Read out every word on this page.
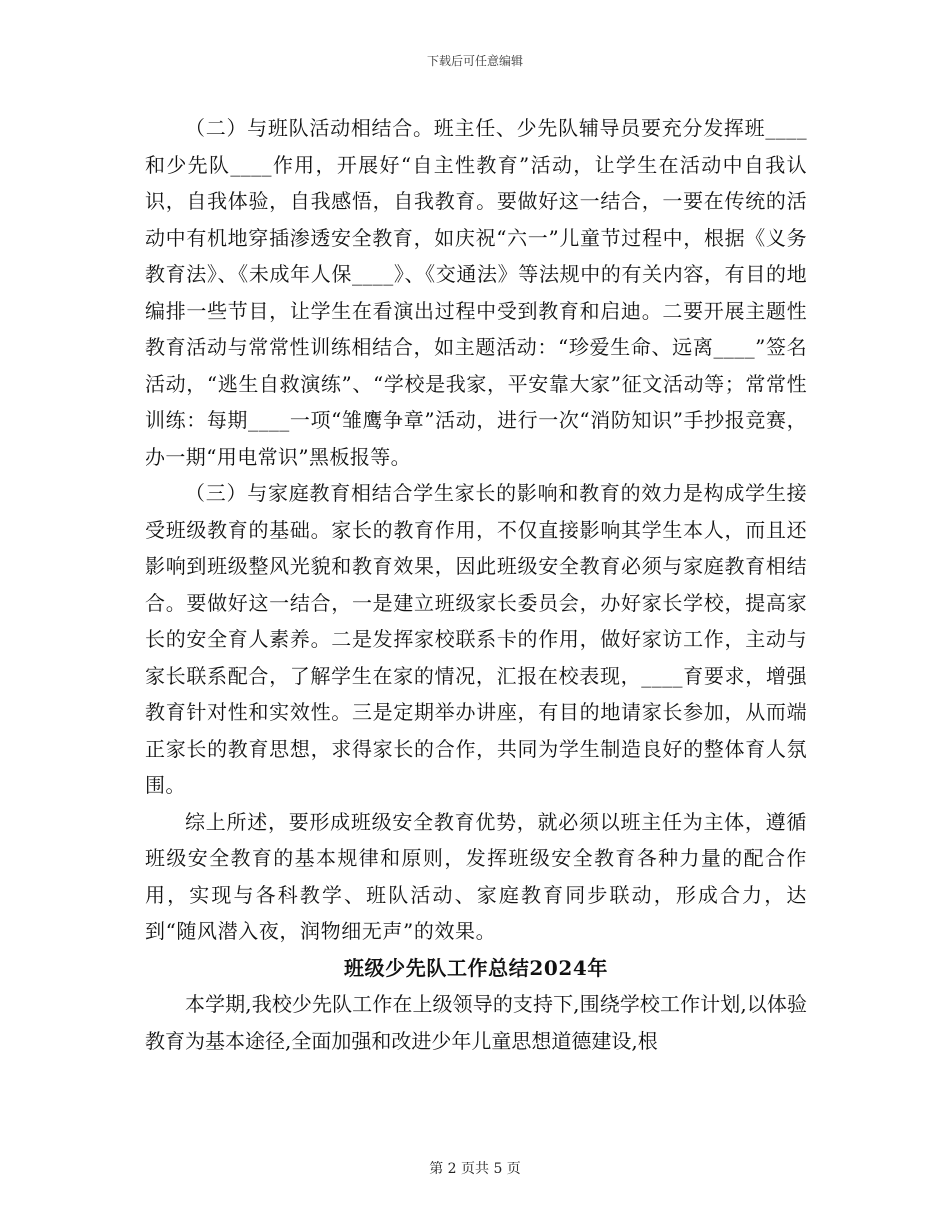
下载后可任意编辑

（二）与班队活动相结合。班主任、少先队辅导员要充分发挥班____和少先队____作用，开展好“自主性教育”活动，让学生在活动中自我认识，自我体验，自我感悟，自我教育。要做好这一结合，一要在传统的活动中有机地穿插渗透安全教育，如庆祝“六一”儿童节过程中，根据《义务教育法》、《未成年人保____》、《交通法》等法规中的有关内容，有目的地编排一些节目，让学生在看演出过程中受到教育和启迪。二要开展主题性教育活动与常常性训练相结合，如主题活动：“珍爱生命、远离____”签名活动，“逃生自救演练”、“学校是我家，平安靠大家”征文活动等；常常性训练：每期____一项“雏鹰争章”活动，进行一次“消防知识”手抄报竞赛，办一期“用电常识”黑板报等。

（三）与家庭教育相结合学生家长的影响和教育的效力是构成学生接受班级教育的基础。家长的教育作用，不仅直接影响其学生本人，而且还影响到班级整风光貌和教育效果，因此班级安全教育必须与家庭教育相结合。要做好这一结合，一是建立班级家长委员会，办好家长学校，提高家长的安全育人素养。二是发挥家校联系卡的作用，做好家访工作，主动与家长联系配合，了解学生在家的情况，汇报在校表现，____育要求，增强教育针对性和实效性。三是定期举办讲座，有目的地请家长参加，从而端正家长的教育思想，求得家长的合作，共同为学生制造良好的整体育人氛围。

综上所述，要形成班级安全教育优势，就必须以班主任为主体，遵循班级安全教育的基本规律和原则，发挥班级安全教育各种力量的配合作用，实现与各科教学、班队活动、家庭教育同步联动，形成合力，达到“随风潜入夜，润物细无声”的效果。

班级少先队工作总结2024年

本学期,我校少先队工作在上级领导的支持下,围绕学校工作计划,以体验教育为基本途径,全面加强和改进少年儿童思想道德建设,根

第 2 页共 5 页
